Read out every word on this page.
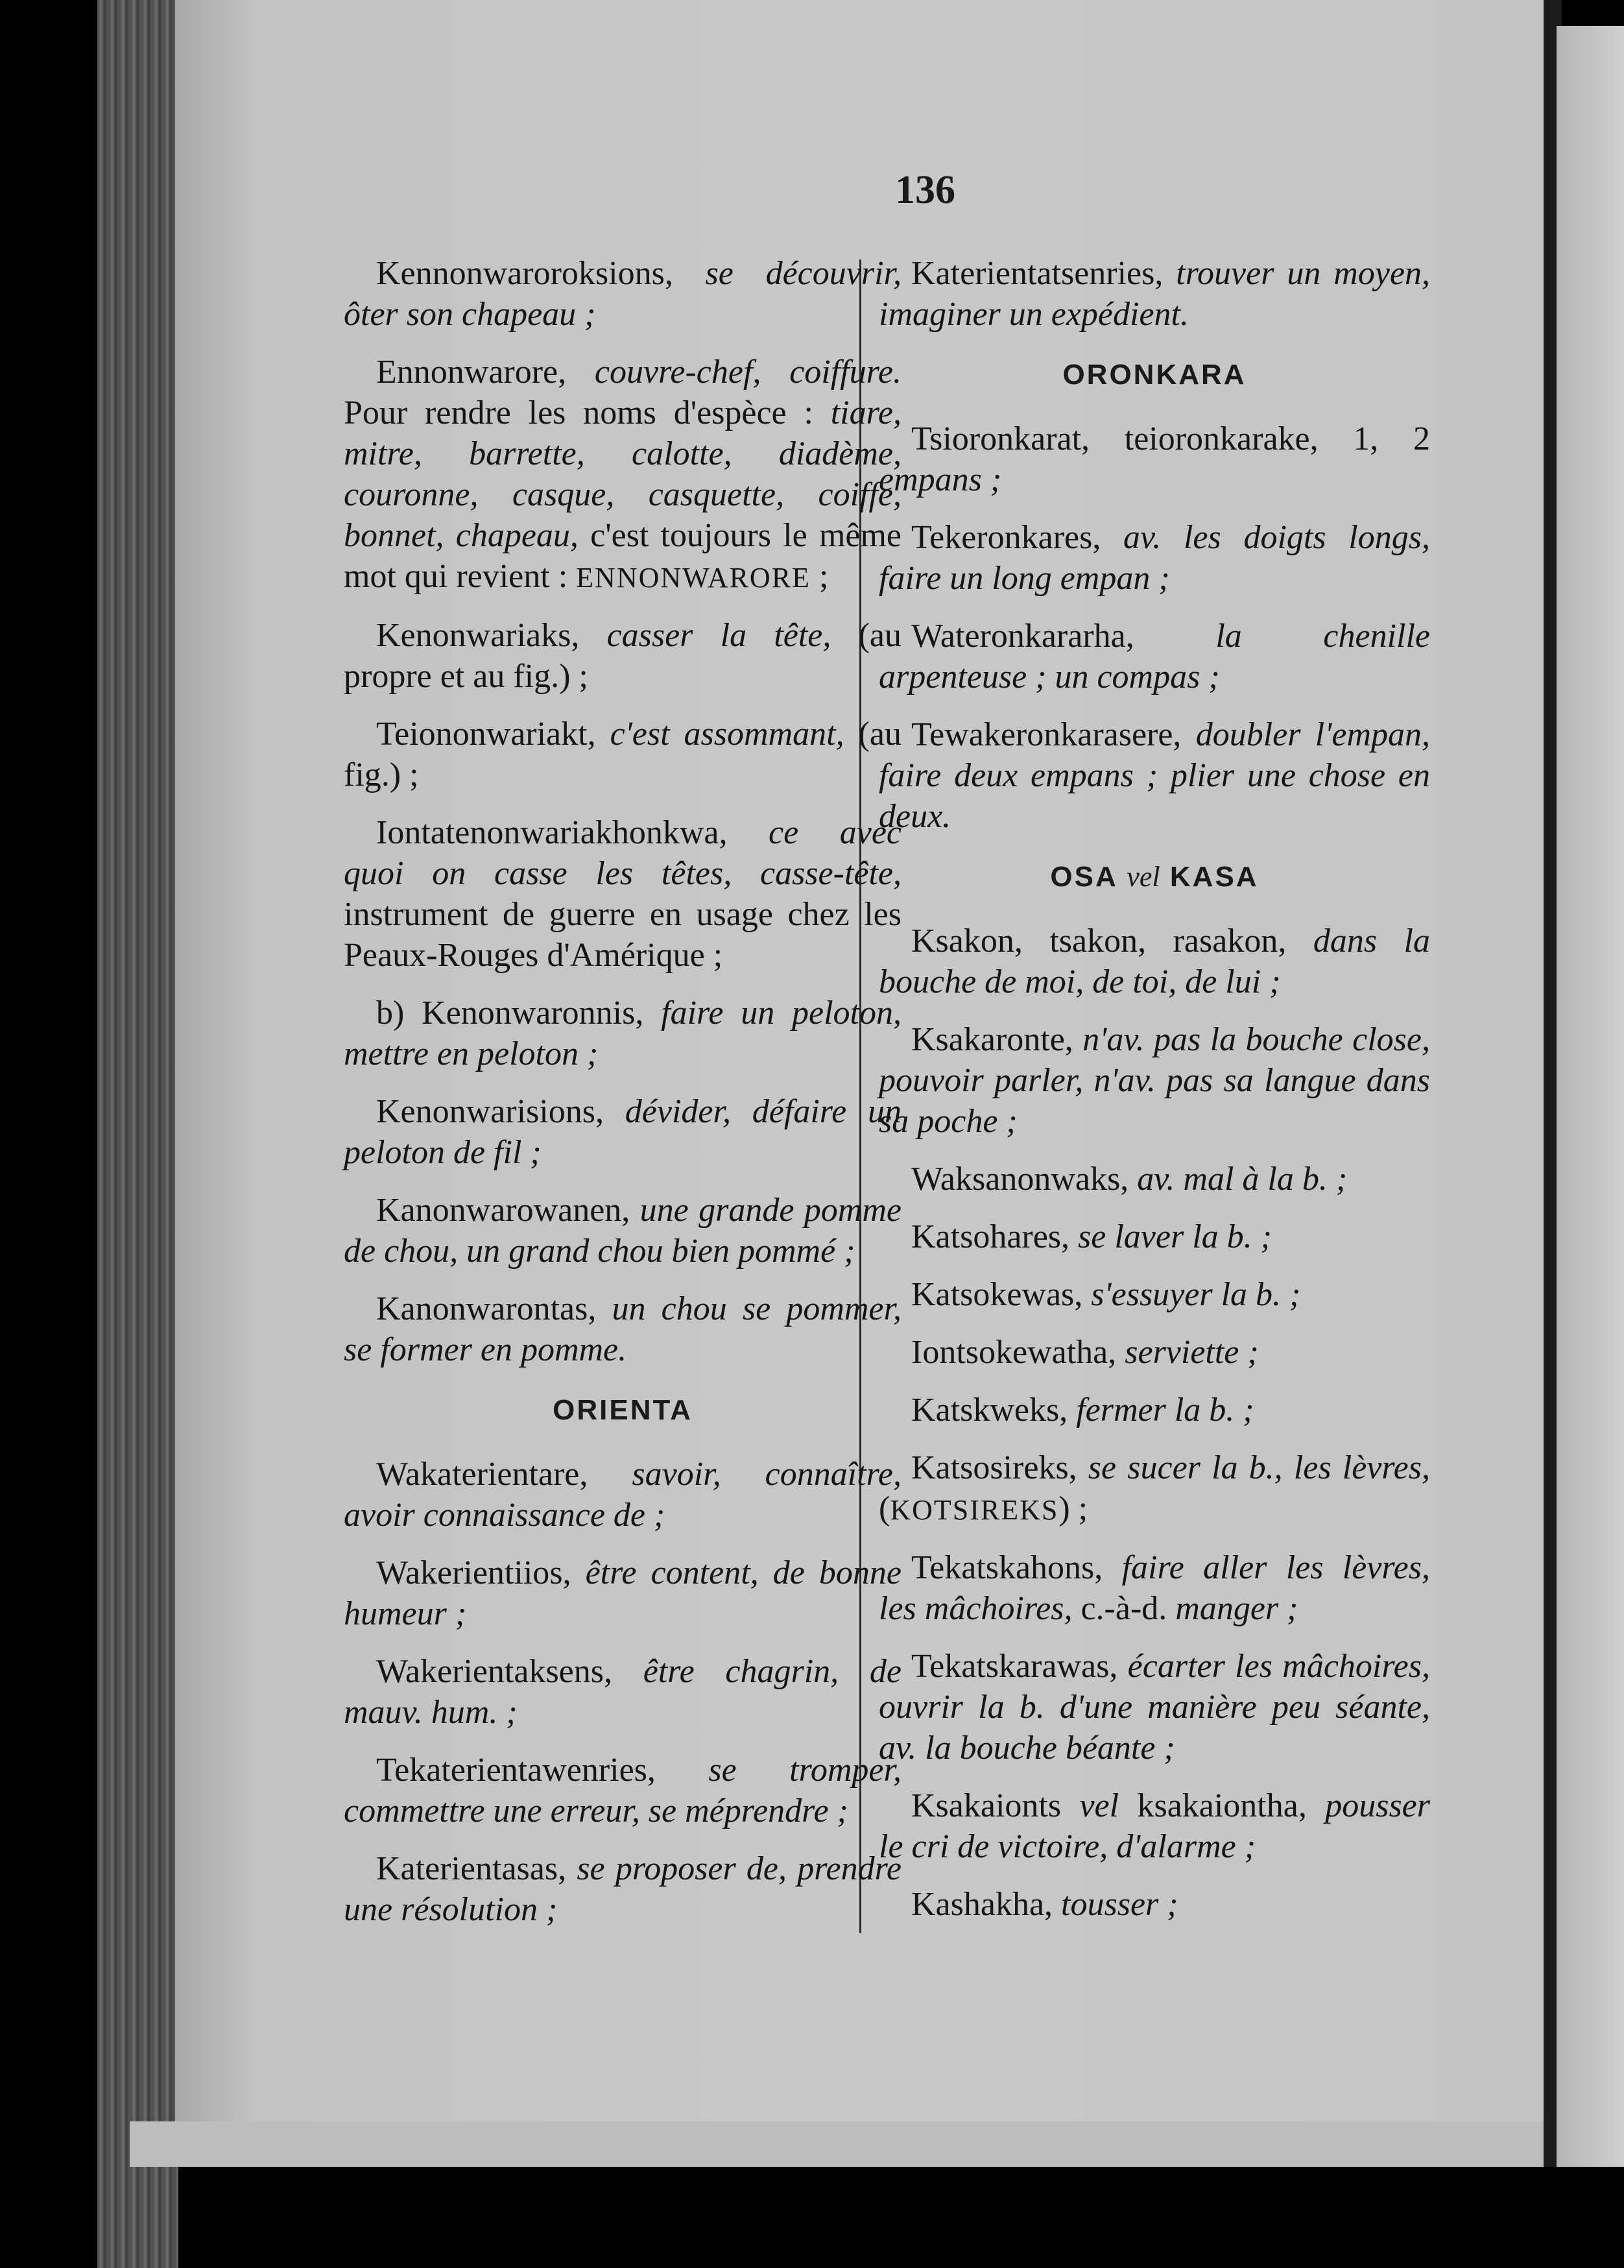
136

Kennonwaroroksions, se découvrir, ôter son chapeau ;

Ennonwarore, couvre-chef, coiffure. Pour rendre les noms d'espèce : tiare, mitre, barrette, calotte, diadème, couronne, casque, casquette, coiffe, bonnet, chapeau, c'est toujours le même mot qui revient : ENNONWARORE ;

Kenonwariaks, casser la tête, (au propre et au fig.) ;

Teiononwariakt, c'est assommant, (au fig.) ;

Iontatenonwariakhonkwa, ce avec quoi on casse les têtes, casse-tête, instrument de guerre en usage chez les Peaux-Rouges d'Amérique ;

b) Kenonwaronnis, faire un peloton, mettre en peloton ;

Kenonwarisions, dévider, défaire un peloton de fil ;

Kanonwarowanen, une grande pomme de chou, un grand chou bien pommé ;

Kanonwarontas, un chou se pommer, se former en pomme.

ORIENTA

Wakaterientare, savoir, connaître, avoir connaissance de ;

Wakerientiios, être content, de bonne humeur ;

Wakerientaksens, être chagrin, de mauv. hum. ;

Tekaterientawenries, se tromper, commettre une erreur, se méprendre ;

Katerientasas, se proposer de, prendre une résolution ;

Katerientatsenries, trouver un moyen, imaginer un expédient.

ORONKARA

Tsioronkarat, teioronkarake, 1, 2 empans ;

Tekeronkares, av. les doigts longs, faire un long empan ;

Wateronkararha, la chenille arpenteuse ; un compas ;

Tewakeronkarasere, doubler l'empan, faire deux empans ; plier une chose en deux.

OSA vel KASA

Ksakon, tsakon, rasakon, dans la bouche de moi, de toi, de lui ;

Ksakaronte, n'av. pas la bouche close, pouvoir parler, n'av. pas sa langue dans sa poche ;

Waksanonwaks, av. mal à la b. ;

Katsohares, se laver la b. ;

Katsokewas, s'essuyer la b. ;

Iontsokewatha, serviette ;

Katskweks, fermer la b. ;

Katsosireks, se sucer la b., les lèvres, (KOTSIREKS) ;

Tekatskahons, faire aller les lèvres, les mâchoires, c.-à-d. manger ;

Tekatskarawas, écarter les mâchoires, ouvrir la b. d'une manière peu séante, av. la bouche béante ;

Ksakaionts vel ksakaiontha, pousser le cri de victoire, d'alarme ;

Kashakha, tousser ;
